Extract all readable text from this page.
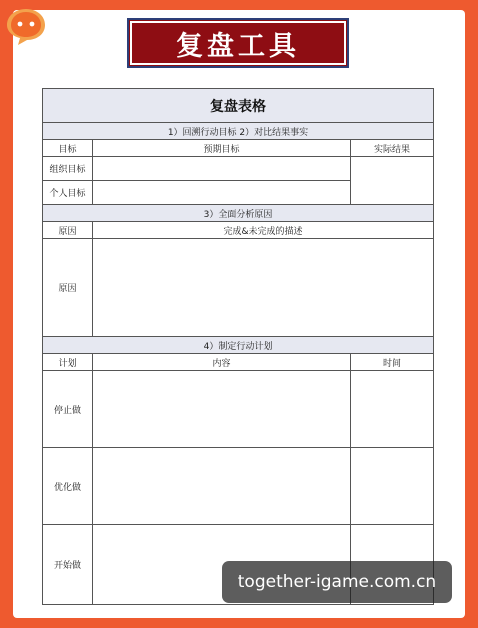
复盘工具
复盘表格
1）回溯行动目标 2）对比结果事实
目标	预期目标	实际结果
组织目标
个人目标
3）全面分析原因
原因	完成&未完成的描述
原因
4）制定行动计划
计划	内容	时间
停止做
优化做
开始做
together-igame.com.cn
